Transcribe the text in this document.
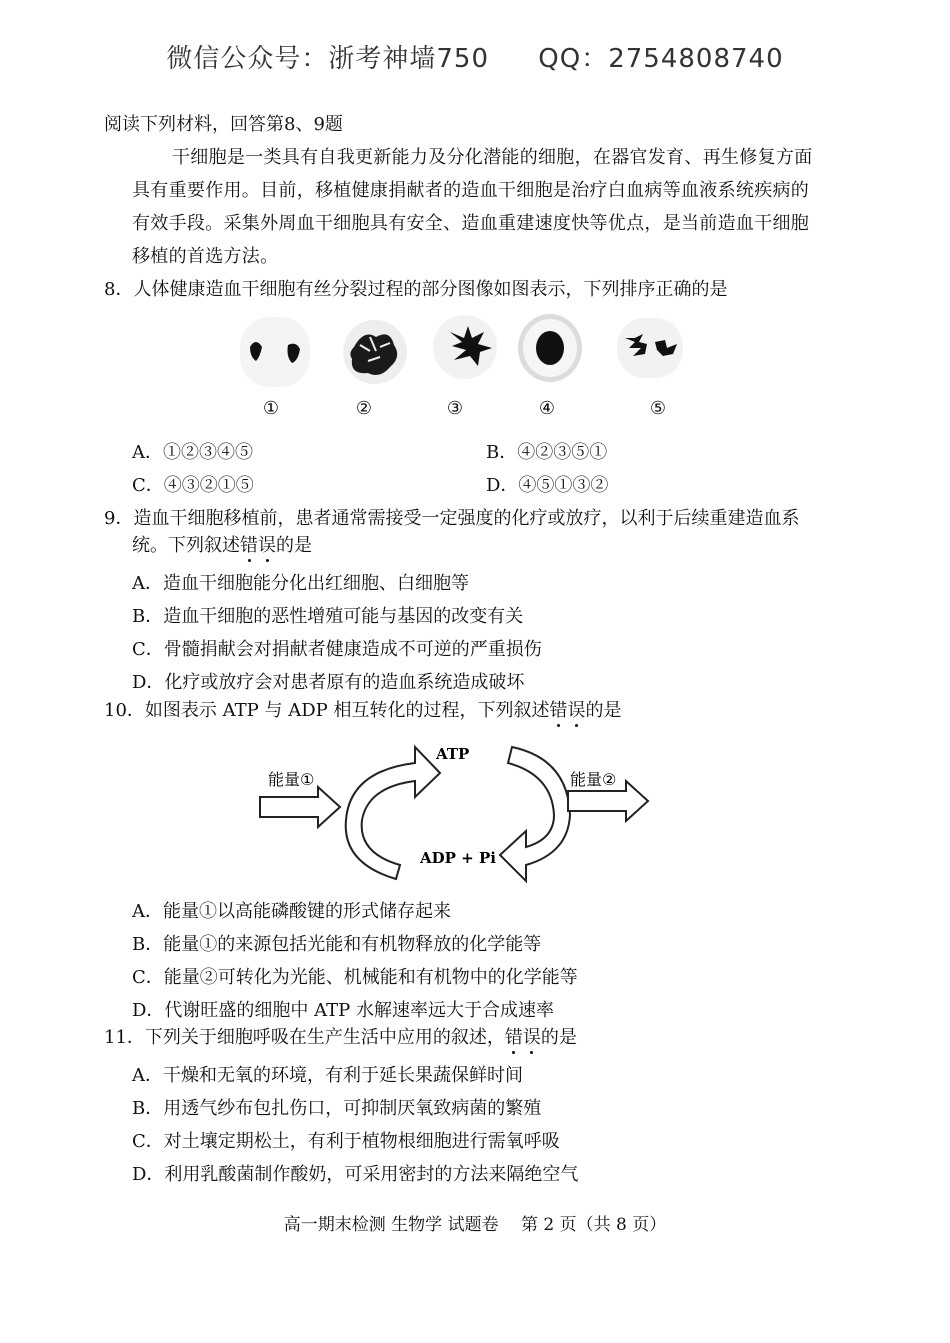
微信公众号：浙考神墙750 QQ：2754808740
阅读下列材料，回答第8、9题
干细胞是一类具有自我更新能力及分化潜能的细胞，在器官发育、再生修复方面
具有重要作用。目前，移植健康捐献者的造血干细胞是治疗白血病等血液系统疾病的
有效手段。采集外周血干细胞具有安全、造血重建速度快等优点，是当前造血干细胞
移植的首选方法。
8．人体健康造血干细胞有丝分裂过程的部分图像如图表示，下列排序正确的是
①	②	③	④	⑤
A．①②③④⑤	B．④②③⑤①
C．④③②①⑤	D．④⑤①③②
9．造血干细胞移植前，患者通常需接受一定强度的化疗或放疗，以利于后续重建造血系
统。下列叙述错误的是
A．造血干细胞能分化出红细胞、白细胞等
B．造血干细胞的恶性增殖可能与基因的改变有关
C．骨髓捐献会对捐献者健康造成不可逆的严重损伤
D．化疗或放疗会对患者原有的造血系统造成破坏
10．如图表示 ATP 与 ADP 相互转化的过程，下列叙述错误的是
ATP
ADP + Pi
能量①	能量②
A．能量①以高能磷酸键的形式储存起来
B．能量①的来源包括光能和有机物释放的化学能等
C．能量②可转化为光能、机械能和有机物中的化学能等
D．代谢旺盛的细胞中 ATP 水解速率远大于合成速率
11．下列关于细胞呼吸在生产生活中应用的叙述，错误的是
A．干燥和无氧的环境，有利于延长果蔬保鲜时间
B．用透气纱布包扎伤口，可抑制厌氧致病菌的繁殖
C．对土壤定期松土，有利于植物根细胞进行需氧呼吸
D．利用乳酸菌制作酸奶，可采用密封的方法来隔绝空气
高一期末检测 生物学 试题卷　 第 2 页（共 8 页）
